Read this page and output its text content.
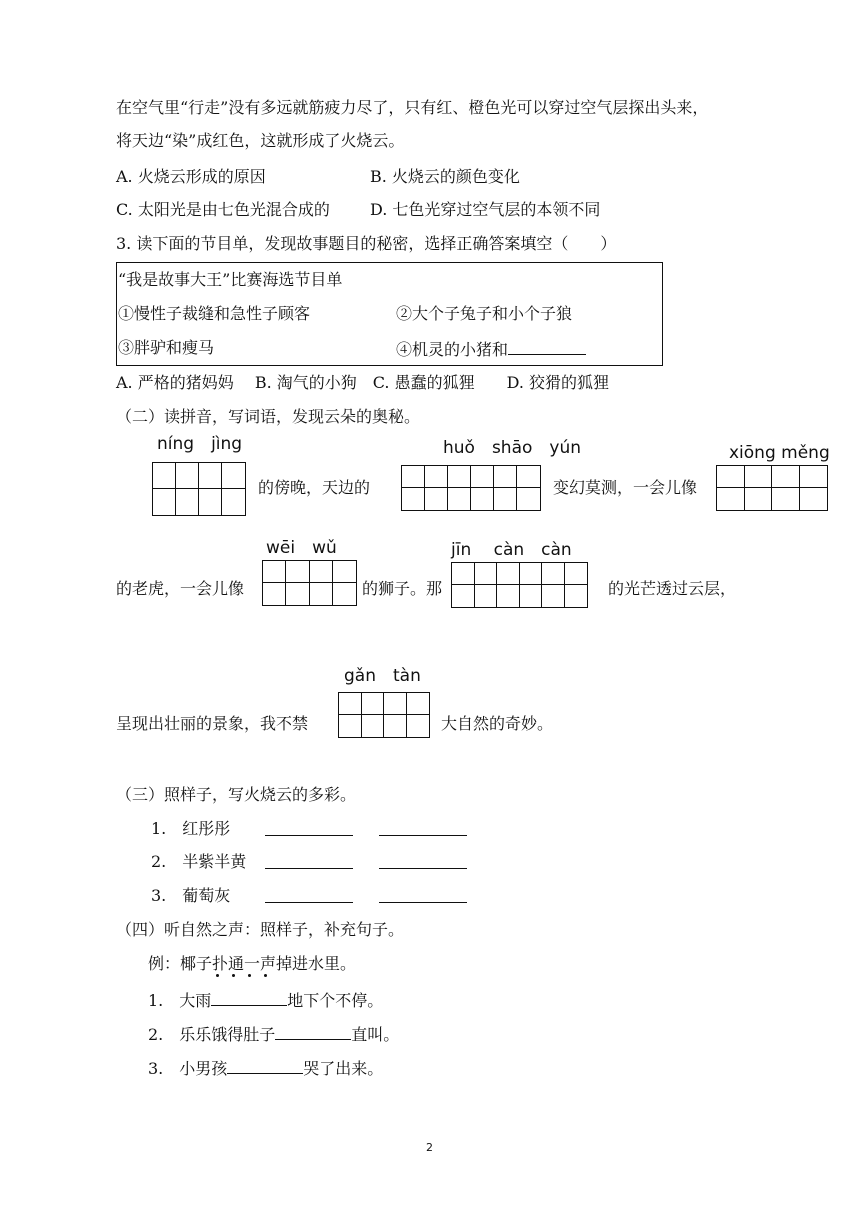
在空气里“行走”没有多远就筋疲力尽了，只有红、橙色光可以穿过空气层探出头来，
将天边“染”成红色，这就形成了火烧云。
A. 火烧云形成的原因	B. 火烧云的颜色变化
C. 太阳光是由七色光混合成的	D. 七色光穿过空气层的本领不同
3. 读下面的节目单，发现故事题目的秘密，选择正确答案填空（　　）
“我是故事大王”比赛海选节目单
①慢性子裁缝和急性子顾客	②大个子兔子和小个子狼
③胖驴和瘦马	④机灵的小猪和
A. 严格的猪妈妈　 B. 淘气的小狗　C. 愚蠢的狐狸　　D. 狡猾的狐狸
（二）读拼音，写词语，发现云朵的奥秘。
níng　jìng
的傍晚，天边的
huǒ　shāo　yún
变幻莫测，一会儿像
xiōng měng
wēi　wǔ
的老虎，一会儿像	的狮子。那
jīn　 càn　càn
的光芒透过云层，
gǎn　tàn
呈现出壮丽的景象，我不禁	大自然的奇妙。
（三）照样子，写火烧云的多彩。
1.　红彤彤
2.　半紫半黄
3.　葡萄灰
（四）听自然之声：照样子，补充句子。
例：椰子扑通一声掉进水里。
1.　大雨	地下个不停。
2.　乐乐饿得肚子	直叫。
3.　小男孩	哭了出来。
2
